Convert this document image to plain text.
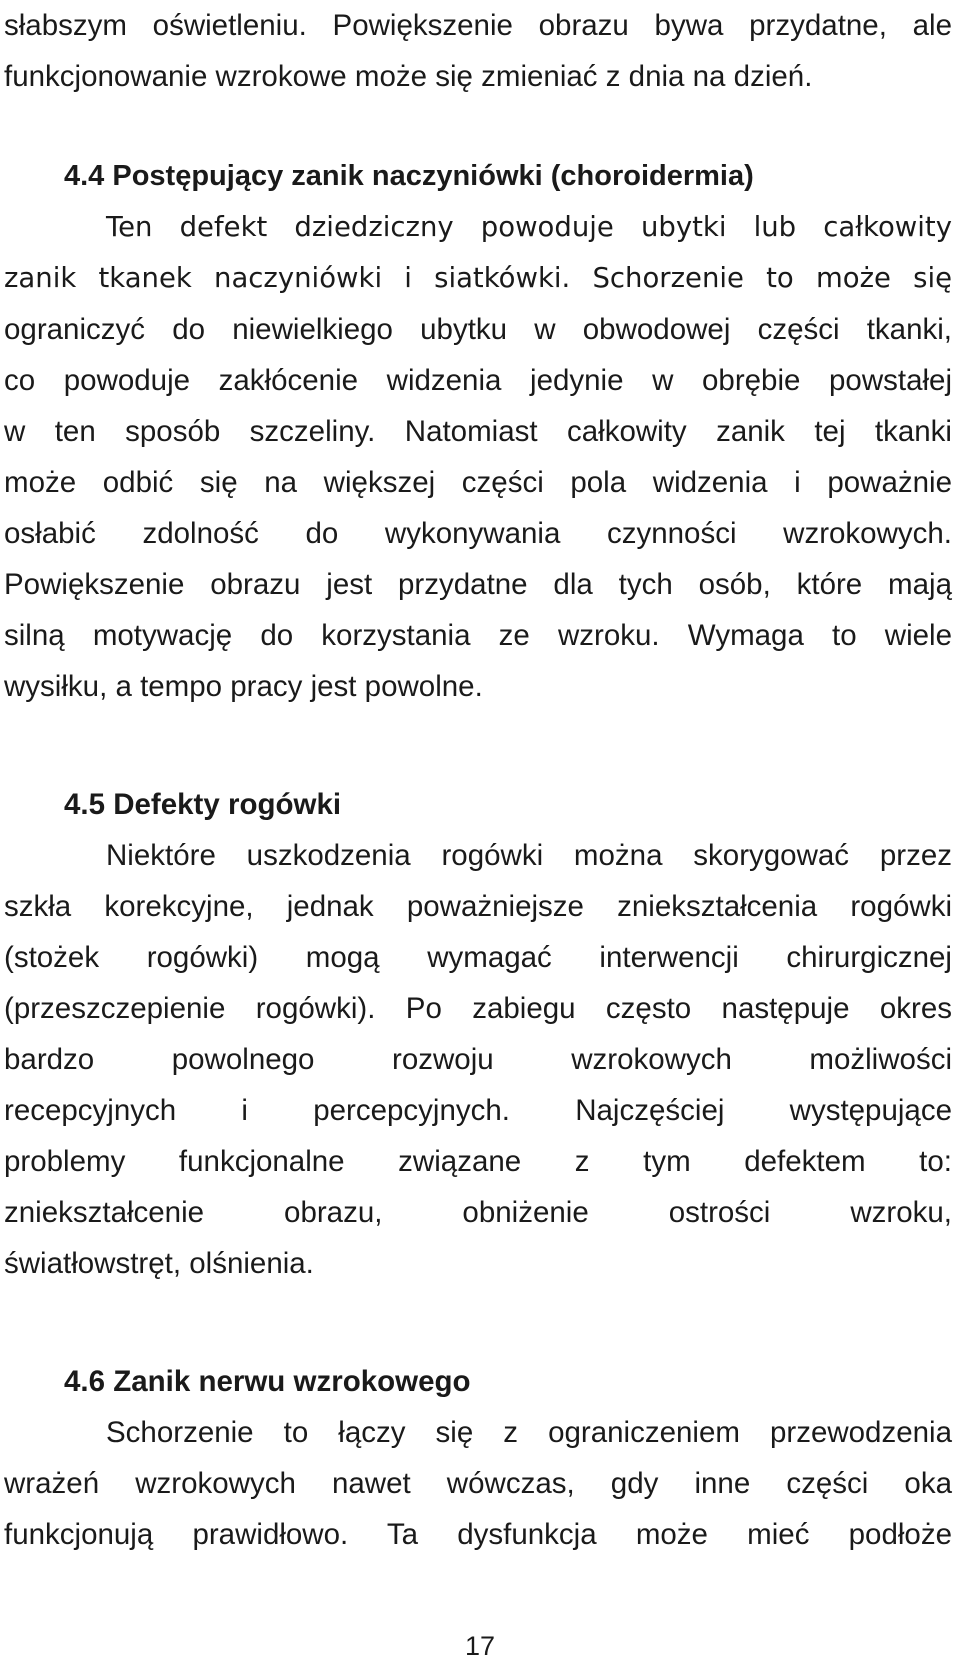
słabszym oświetleniu. Powiększenie obrazu bywa przydatne, ale
funkcjonowanie wzrokowe może się zmieniać z dnia na dzień.
4.4 Postępujący zanik naczyniówki (choroidermia)
Ten defekt dziedziczny powoduje ubytki lub całkowity
zanik tkanek naczyniówki i siatkówki. Schorzenie to może się
ograniczyć do niewielkiego ubytku w obwodowej części tkanki,
co powoduje zakłócenie widzenia jedynie w obrębie powstałej
w ten sposób szczeliny. Natomiast całkowity zanik tej tkanki
może odbić się na większej części pola widzenia i poważnie
osłabić zdolność do wykonywania czynności wzrokowych.
Powiększenie obrazu jest przydatne dla tych osób, które mają
silną motywację do korzystania ze wzroku. Wymaga to wiele
wysiłku, a tempo pracy jest powolne.
4.5 Defekty rogówki
Niektóre uszkodzenia rogówki można skorygować przez
szkła korekcyjne, jednak poważniejsze zniekształcenia rogówki
(stożek rogówki) mogą wymagać interwencji chirurgicznej
(przeszczepienie rogówki). Po zabiegu często następuje okres
bardzo powolnego rozwoju wzrokowych możliwości
recepcyjnych i percepcyjnych. Najczęściej występujące
problemy funkcjonalne związane z tym defektem to:
zniekształcenie obrazu, obniżenie ostrości wzroku,
światłowstręt, olśnienia.
4.6 Zanik nerwu wzrokowego
Schorzenie to łączy się z ograniczeniem przewodzenia
wrażeń wzrokowych nawet wówczas, gdy inne części oka
funkcjonują prawidłowo. Ta dysfunkcja może mieć podłoże
17
